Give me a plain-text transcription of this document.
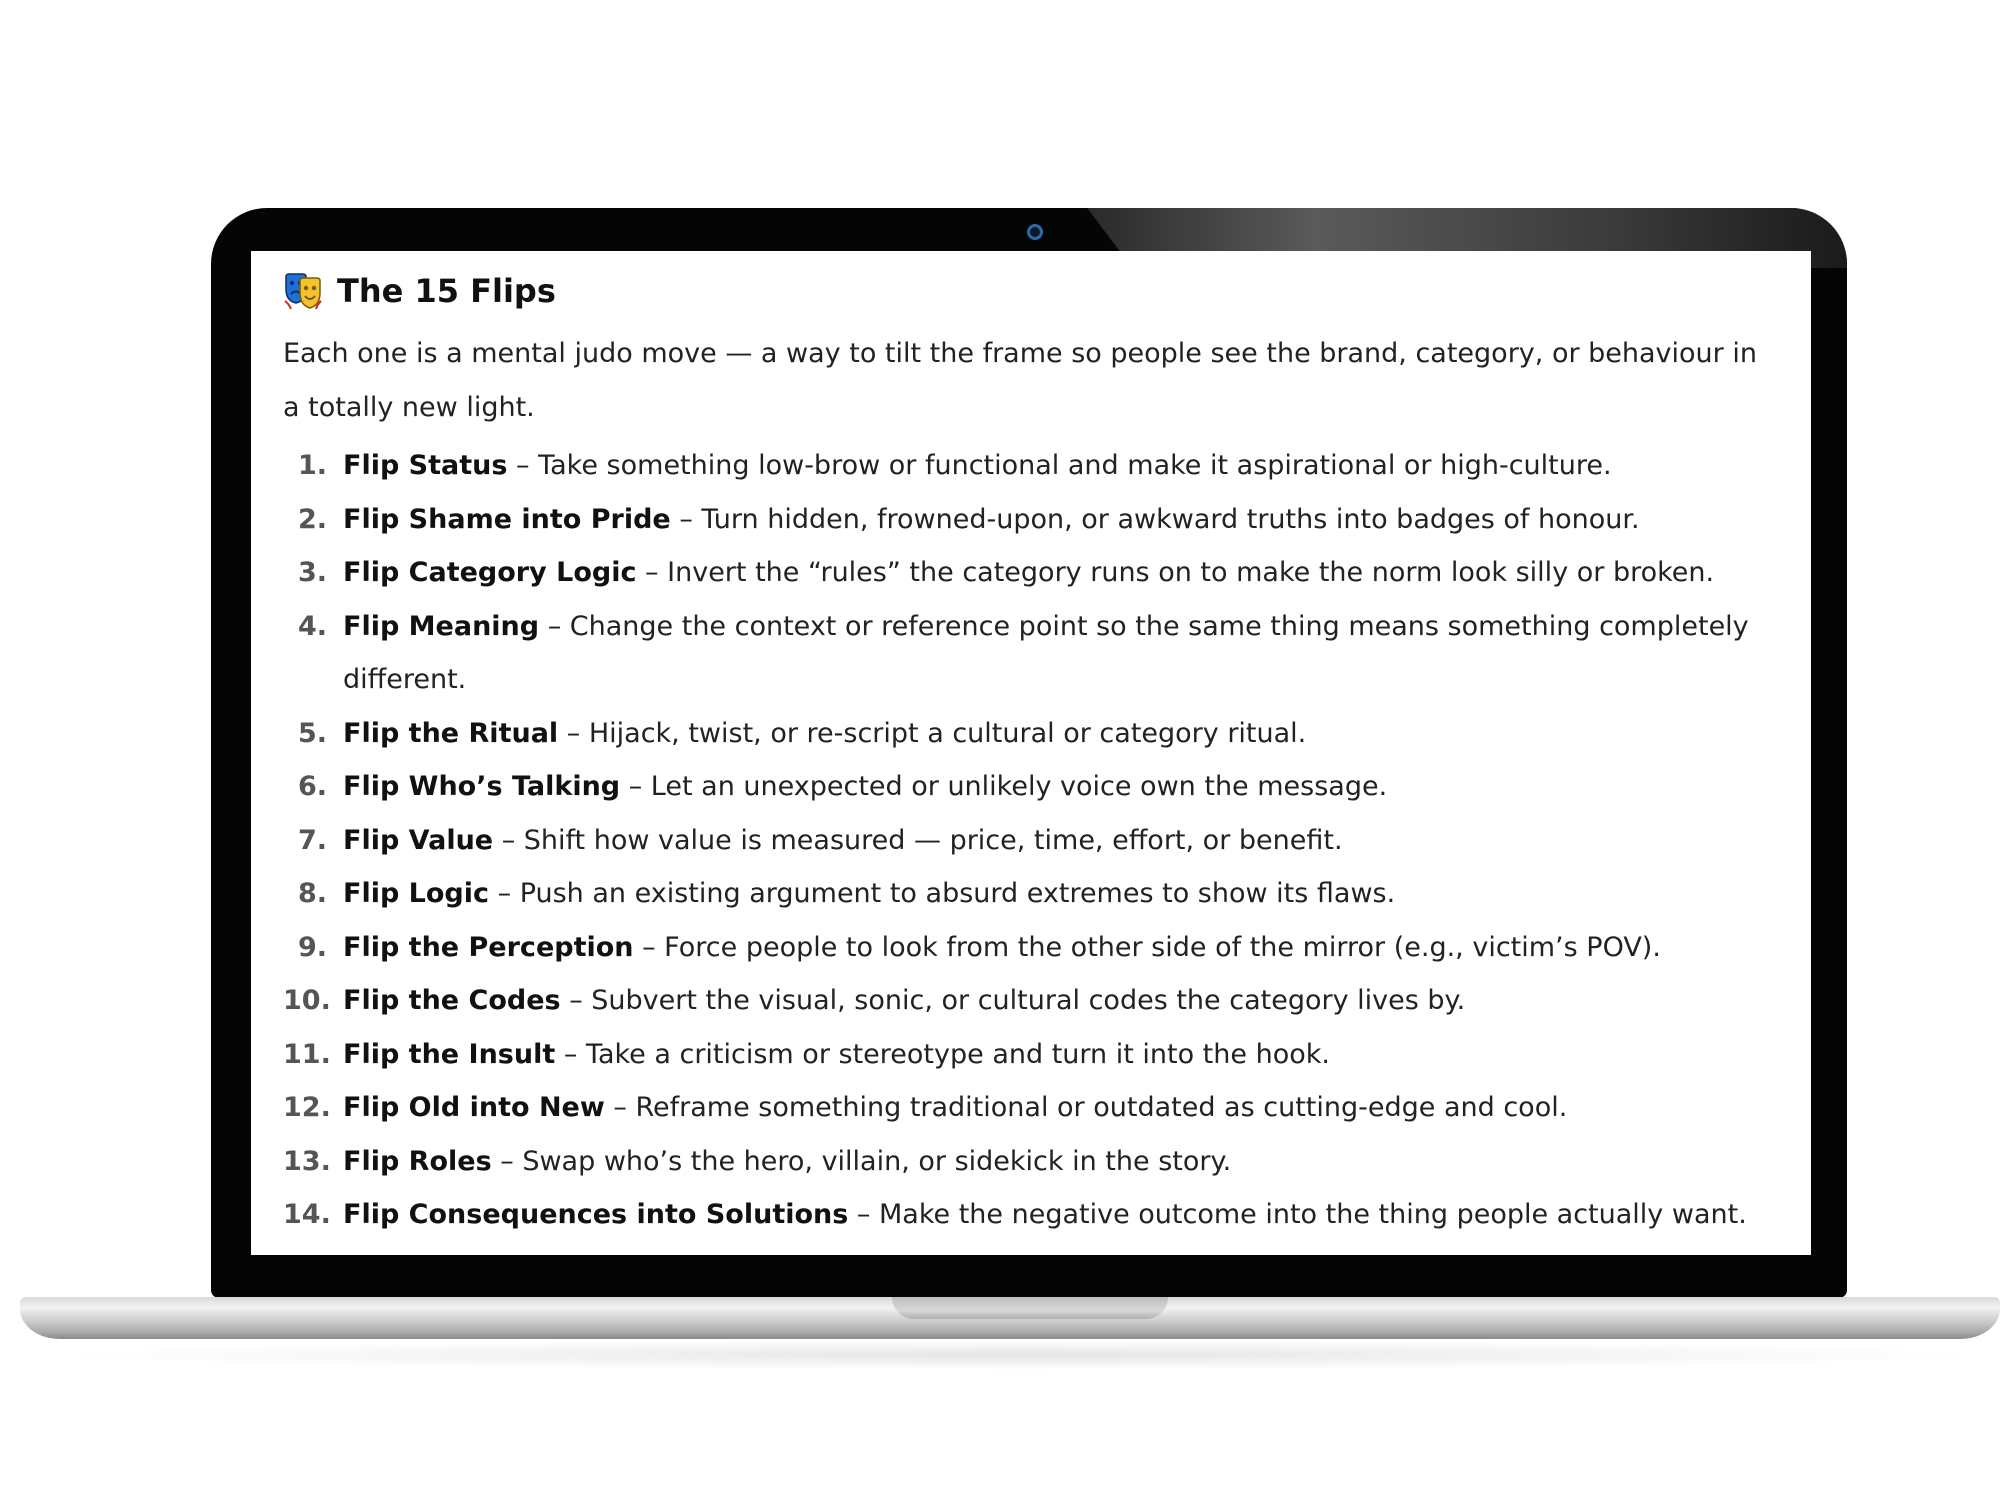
The 15 Flips
Each one is a mental judo move — a way to tilt the frame so people see the brand, category, or behaviour in a totally new light.
1. Flip Status – Take something low-brow or functional and make it aspirational or high-culture.
2. Flip Shame into Pride – Turn hidden, frowned-upon, or awkward truths into badges of honour.
3. Flip Category Logic – Invert the “rules” the category runs on to make the norm look silly or broken.
4. Flip Meaning – Change the context or reference point so the same thing means something completely different.
5. Flip the Ritual – Hijack, twist, or re-script a cultural or category ritual.
6. Flip Who’s Talking – Let an unexpected or unlikely voice own the message.
7. Flip Value – Shift how value is measured — price, time, effort, or benefit.
8. Flip Logic – Push an existing argument to absurd extremes to show its flaws.
9. Flip the Perception – Force people to look from the other side of the mirror (e.g., victim’s POV).
10. Flip the Codes – Subvert the visual, sonic, or cultural codes the category lives by.
11. Flip the Insult – Take a criticism or stereotype and turn it into the hook.
12. Flip Old into New – Reframe something traditional or outdated as cutting-edge and cool.
13. Flip Roles – Swap who’s the hero, villain, or sidekick in the story.
14. Flip Consequences into Solutions – Make the negative outcome into the thing people actually want.
